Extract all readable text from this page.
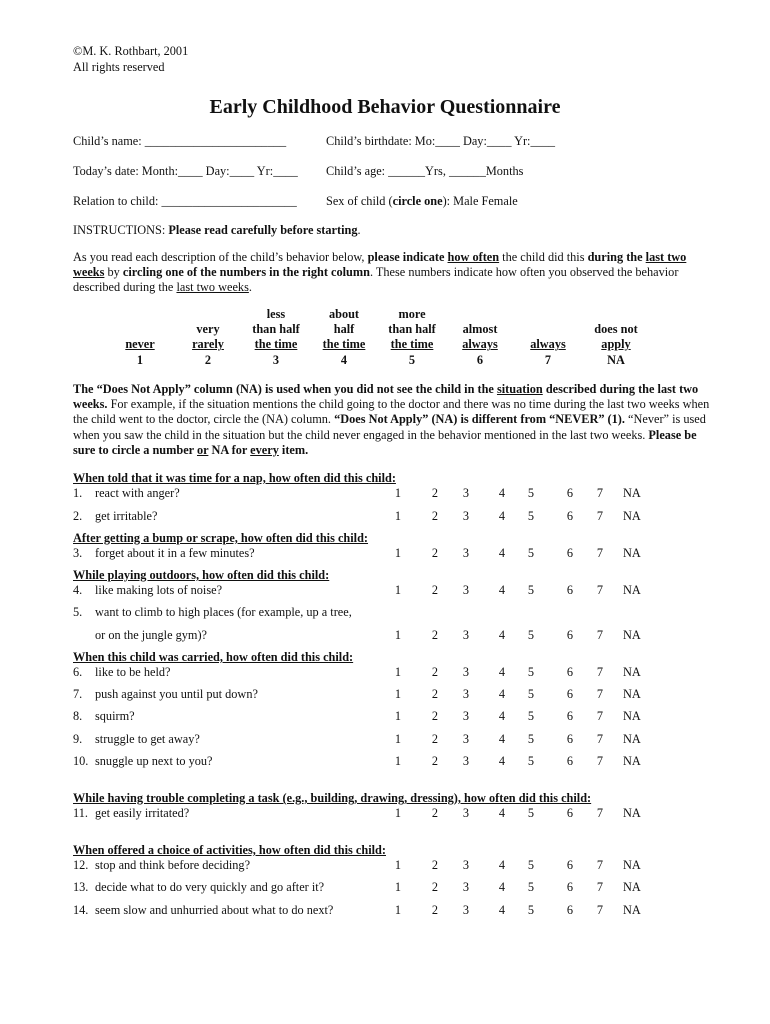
©M. K. Rothbart, 2001
All rights reserved
Early Childhood Behavior Questionnaire
Child’s name: _______________________	Child’s birthdate: Mo:____ Day:____ Yr:____
Today’s date: Month:____ Day:____ Yr:____ Child’s age: ______Yrs, ______Months
Relation to child: ______________________ Sex of child (circle one): Male Female
INSTRUCTIONS: Please read carefully before starting.
As you read each description of the child’s behavior below, please indicate how often the child did this during the last two weeks by circling one of the numbers in the right column. These numbers indicate how often you observed the behavior described during the last two weeks.

never
1

very
rarely
2
less
than half
the time
3
about
half
the time
4
more
than half
the time
5

almost
always
6

always
7

does not
apply
NA
The “Does Not Apply” column (NA) is used when you did not see the child in the situation described during the last two weeks. For example, if the situation mentions the child going to the doctor and there was no time during the last two weeks when the child went to the doctor, circle the (NA) column. “Does Not Apply” (NA) is different from “NEVER” (1). “Never” is used when you saw the child in the situation but the child never engaged in the behavior mentioned in the last two weeks. Please be sure to circle a number or NA for every item.
When told that it was time for a nap, how often did this child:
After getting a bump or scrape, how often did this child:
While playing outdoors, how often did this child:
When this child was carried, how often did this child:
While having trouble completing a task (e.g., building, drawing, dressing), how often did this child:
When offered a choice of activities, how often did this child:
1. react with anger?	1	2	3	4	5	6	7	NA
2. get irritable?	1	2	3	4	5	6	7	NA
3. forget about it in a few minutes?	1	2	3	4	5	6	7	NA
4. like making lots of noise?	1	2	3	4	5	6	7	NA
5. want to climb to high places (for example, up a tree,
or on the jungle gym)?	1	2	3	4	5	6	7	NA
6. like to be held?	1	2	3	4	5	6	7	NA
7. push against you until put down?	1	2	3	4	5	6	7	NA
8. squirm?	1	2	3	4	5	6	7	NA
9. struggle to get away?	1	2	3	4	5	6	7	NA
10. snuggle up next to you?	1	2	3	4	5	6	7	NA
11. get easily irritated?	1	2	3	4	5	6	7	NA
12. stop and think before deciding?	1	2	3	4	5	6	7	NA
13. decide what to do very quickly and go after it?	1	2	3	4	5	6	7	NA
14. seem slow and unhurried about what to do next?	1	2	3	4	5	6	7	NA
